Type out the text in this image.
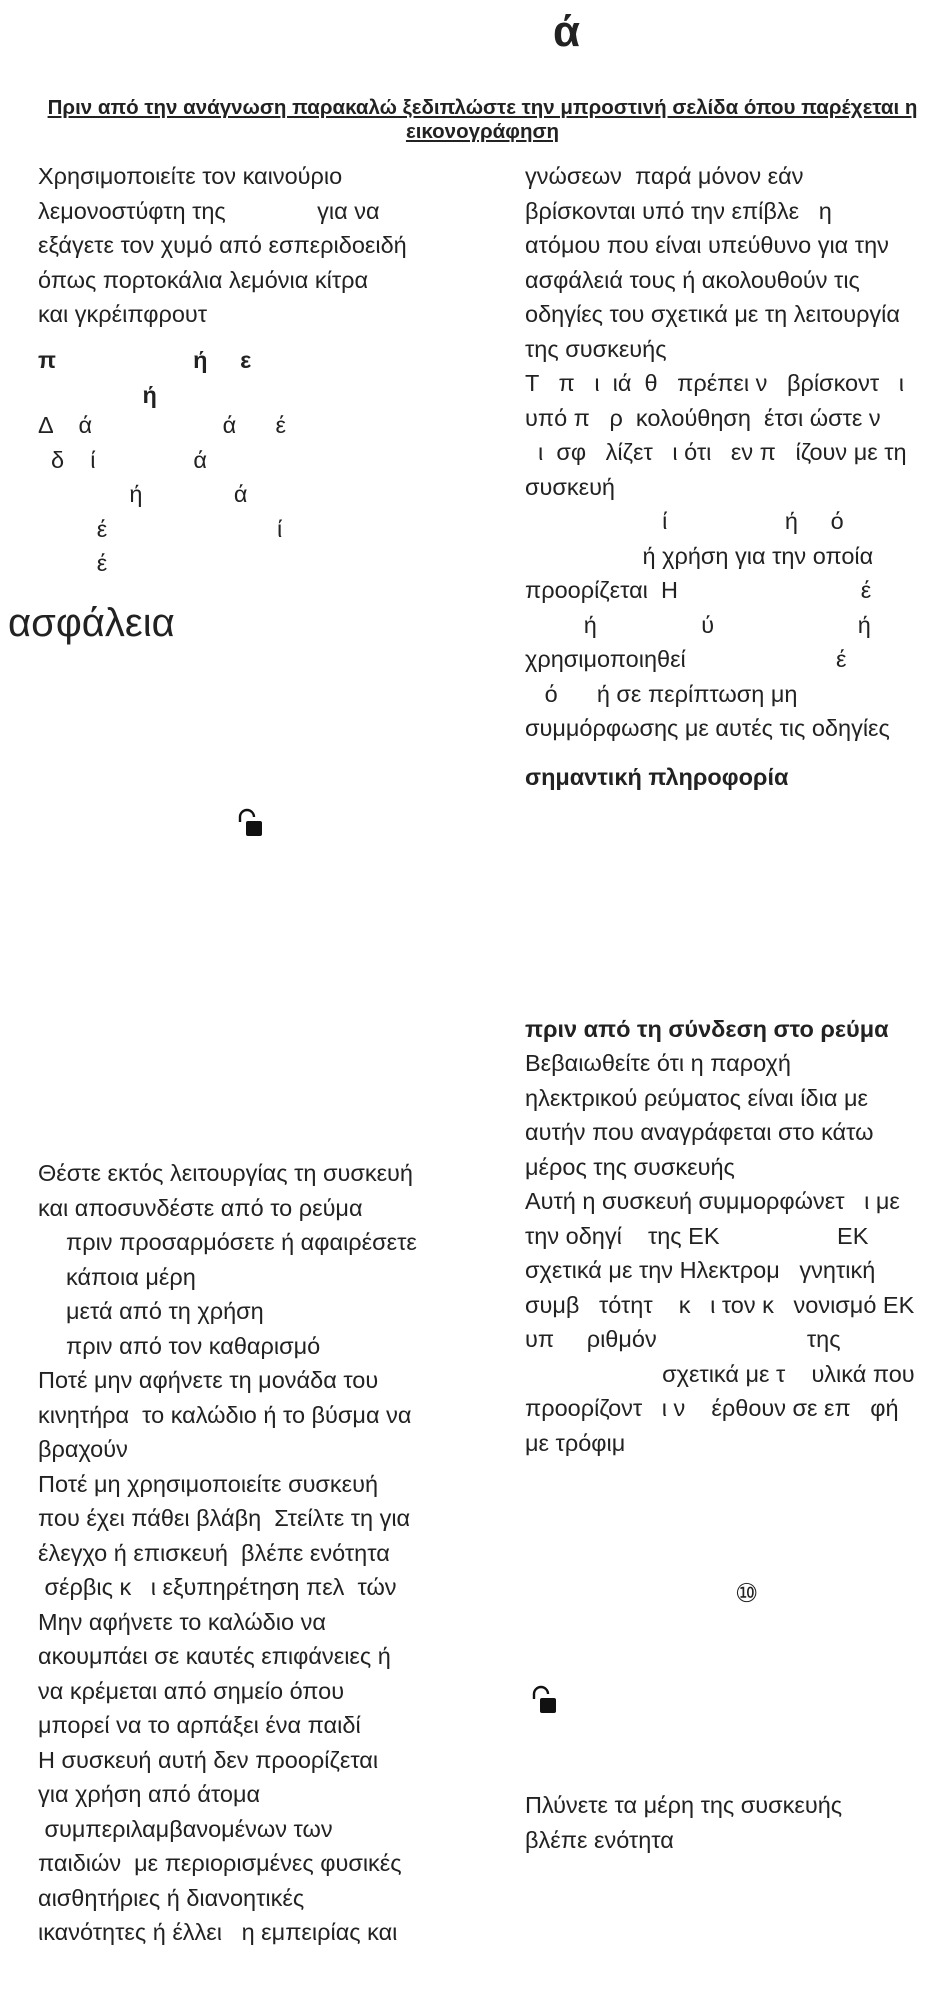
ά
Πριν από την ανάγνωση παρακαλώ ξεδιπλώστε την μπροστινή σελίδα όπου παρέχεται η εικονογράφηση

Χρησιμοποιείτε τον καινούριο

λεμονοστύφτη της              για να

εξάγετε τον χυμό από εσπεριδοειδή

όπως πορτοκάλια λεμόνια κίτρα

και γκρέιπφρουτ

π                     ή     ε

ή

Δ    ά                    ά      έ

δ    ί               ά

ή              ά

έ                          ί

έ

ασφάλεια

Θέστε εκτός λειτουργίας τη συσκευή

και αποσυνδέστε από το ρεύμα

πριν προσαρμόσετε ή αφαιρέσετε

κάποια μέρη

μετά από τη χρήση

πριν από τον καθαρισμό

Ποτέ μην αφήνετε τη μονάδα του

κινητήρα  το καλώδιο ή το βύσμα να

βραχούν

Ποτέ μη χρησιμοποιείτε συσκευή

που έχει πάθει βλάβη  Στείλτε τη για

έλεγχο ή επισκευή  βλέπε ενότητα

σέρβις κ   ι εξυπηρέτηση πελ  τών

Μην αφήνετε το καλώδιο να

ακουμπάει σε καυτές επιφάνειες ή

να κρέμεται από σημείο όπου

μπορεί να το αρπάξει ένα παιδί

Η συσκευή αυτή δεν προορίζεται

για χρήση από άτομα

συμπεριλαμβανομένων των

παιδιών  με περιορισμένες φυσικές

αισθητήριες ή διανοητικές

ικανότητες ή έλλει   η εμπειρίας και

γνώσεων  παρά μόνον εάν

βρίσκονται υπό την επίβλε   η

ατόμου που είναι υπεύθυνο για την

ασφάλειά τους ή ακολουθούν τις

οδηγίες του σχετικά με τη λειτουργία

της συσκευής

Τ   π   ι  ιά  θ   πρέπει ν   βρίσκοντ   ι

υπό π   ρ  κολούθηση  έτσι ώστε ν

ι  σφ   λίζετ   ι ότι   εν π   ίζουν με τη

συσκευή

ί                  ή     ό

ή χρήση για την οποία

προορίζεται  Η                            έ

ή                ύ                      ή

χρησιμοποιηθεί                       έ

ό      ή σε περίπτωση μη

συμμόρφωσης με αυτές τις οδηγίες

σημαντική πληροφορία
πριν από τη σύνδεση στο ρεύμα

Βεβαιωθείτε ότι η παροχή

ηλεκτρικού ρεύματος είναι ίδια με

αυτήν που αναγράφεται στο κάτω

μέρος της συσκευής

Αυτή η συσκευή συμμορφώνετ   ι με

την οδηγί    της ΕΚ                  ΕΚ

σχετικά με την Ηλεκτρομ   γνητική

συμβ   τότητ    κ   ι τον κ   νονισμό ΕΚ

υπ     ριθμόν                       της

σχετικά με τ    υλικά που

προορίζοντ   ι ν    έρθουν σε επ   φή

με τρόφιμ

⑩

Πλύνετε τα μέρη της συσκευής

βλέπε ενότητα
